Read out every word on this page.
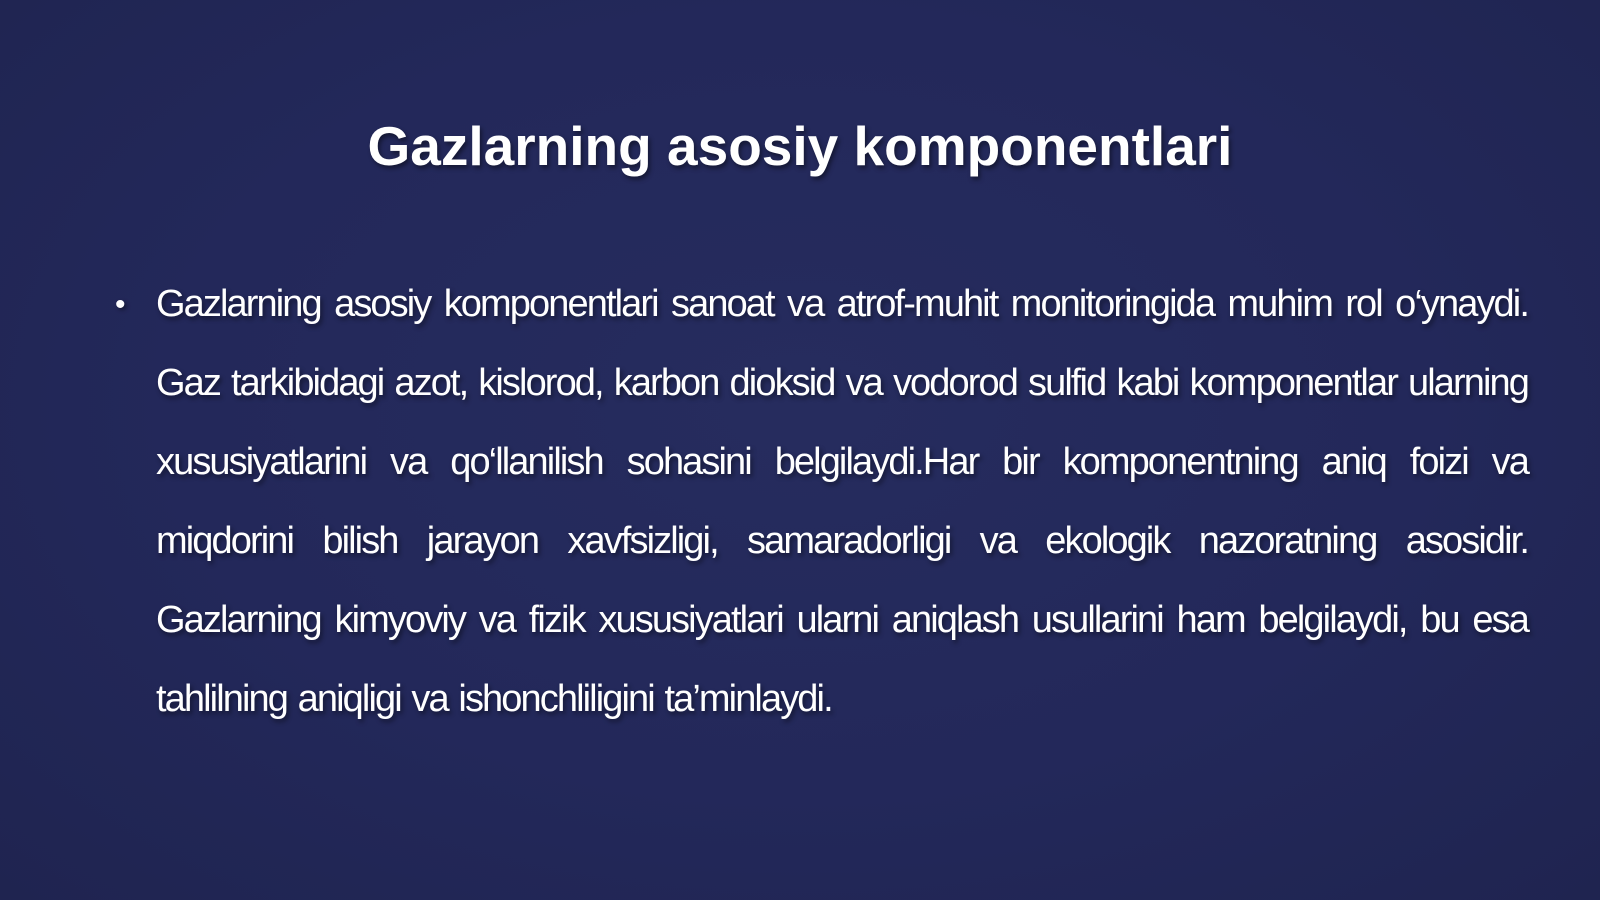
Gazlarning asosiy komponentlari
• Gazlarning asosiy komponentlari sanoat va atrof-muhit monitoringida muhim rol o‘ynaydi. Gaz tarkibidagi azot, kislorod, karbon dioksid va vodorod sulfid kabi komponentlar ularning xususiyatlarini va qo‘llanilish sohasini belgilaydi.Har bir komponentning aniq foizi va miqdorini bilish jarayon xavfsizligi, samaradorligi va ekologik nazoratning asosidir. Gazlarning kimyoviy va fizik xususiyatlari ularni aniqlash usullarini ham belgilaydi, bu esa tahlilning aniqligi va ishonchliligini ta’minlaydi.
